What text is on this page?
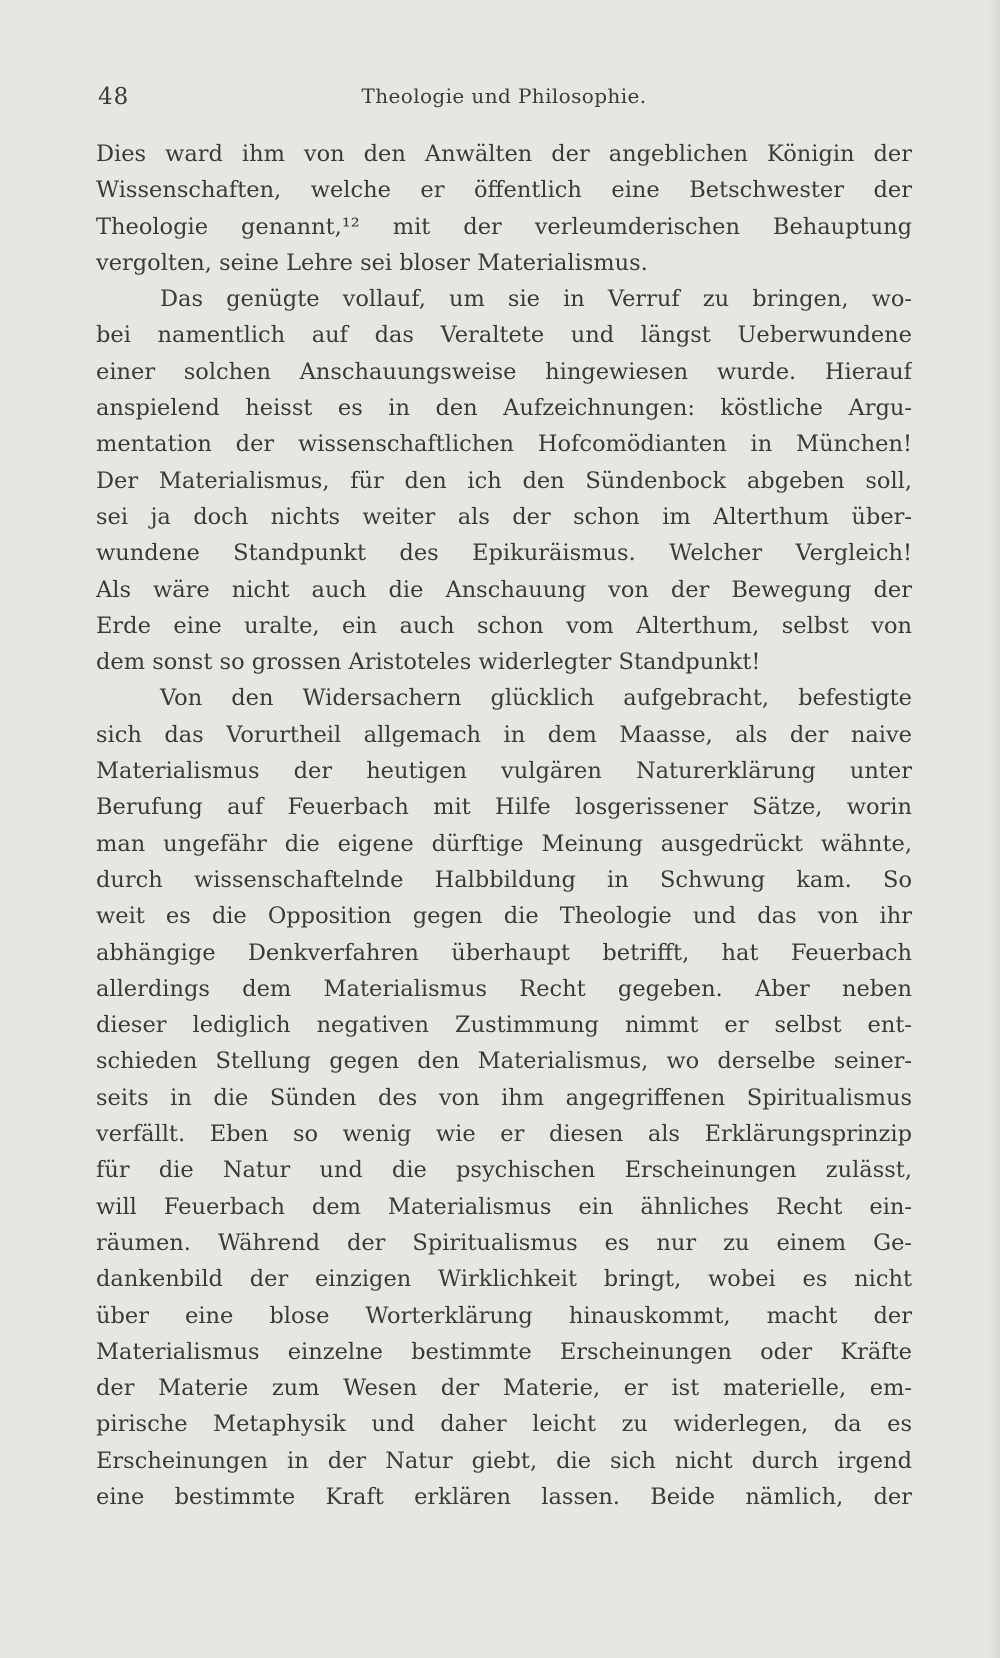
48	Theologie und Philosophie.
Dies ward ihm von den Anwälten der angeblichen Königin der
Wissenschaften, welche er öffentlich eine Betschwester der
Theologie genannt,¹² mit der verleumderischen Behauptung
vergolten, seine Lehre sei bloser Materialismus.
Das genügte vollauf, um sie in Verruf zu bringen, wo-
bei namentlich auf das Veraltete und längst Ueberwundene
einer solchen Anschauungsweise hingewiesen wurde. Hierauf
anspielend heisst es in den Aufzeichnungen: köstliche Argu-
mentation der wissenschaftlichen Hofcomödianten in München!
Der Materialismus, für den ich den Sündenbock abgeben soll,
sei ja doch nichts weiter als der schon im Alterthum über-
wundene Standpunkt des Epikuräismus. Welcher Vergleich!
Als wäre nicht auch die Anschauung von der Bewegung der
Erde eine uralte, ein auch schon vom Alterthum, selbst von
dem sonst so grossen Aristoteles widerlegter Standpunkt!
Von den Widersachern glücklich aufgebracht, befestigte
sich das Vorurtheil allgemach in dem Maasse, als der naive
Materialismus der heutigen vulgären Naturerklärung unter
Berufung auf Feuerbach mit Hilfe losgerissener Sätze, worin
man ungefähr die eigene dürftige Meinung ausgedrückt wähnte,
durch wissenschaftelnde Halbbildung in Schwung kam. So
weit es die Opposition gegen die Theologie und das von ihr
abhängige Denkverfahren überhaupt betrifft, hat Feuerbach
allerdings dem Materialismus Recht gegeben. Aber neben
dieser lediglich negativen Zustimmung nimmt er selbst ent-
schieden Stellung gegen den Materialismus, wo derselbe seiner-
seits in die Sünden des von ihm angegriffenen Spiritualismus
verfällt. Eben so wenig wie er diesen als Erklärungsprinzip
für die Natur und die psychischen Erscheinungen zulässt,
will Feuerbach dem Materialismus ein ähnliches Recht ein-
räumen. Während der Spiritualismus es nur zu einem Ge-
dankenbild der einzigen Wirklichkeit bringt, wobei es nicht
über eine blose Worterklärung hinauskommt, macht der
Materialismus einzelne bestimmte Erscheinungen oder Kräfte
der Materie zum Wesen der Materie, er ist materielle, em-
pirische Metaphysik und daher leicht zu widerlegen, da es
Erscheinungen in der Natur giebt, die sich nicht durch irgend
eine bestimmte Kraft erklären lassen. Beide nämlich, der
